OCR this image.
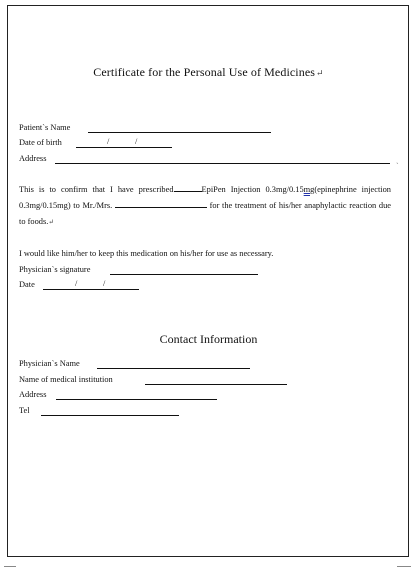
Certificate for the Personal Use of Medicines↵
Patient`s Name
Date of birth	/	/
Address	ˎ
This is to confirm that I have prescribed	EpiPen Injection 0.3mg/0.15mg(epinephrine injection 0.3mg/0.15mg) to Mr./Mrs.	for the treatment of his/her anaphylactic reaction due to foods.↵
I would like him/her to keep this medication on his/her for use as necessary.
Physician`s signature
Date	/	/
Contact Information
Physician`s Name
Name of medical institution
Address
Tel
